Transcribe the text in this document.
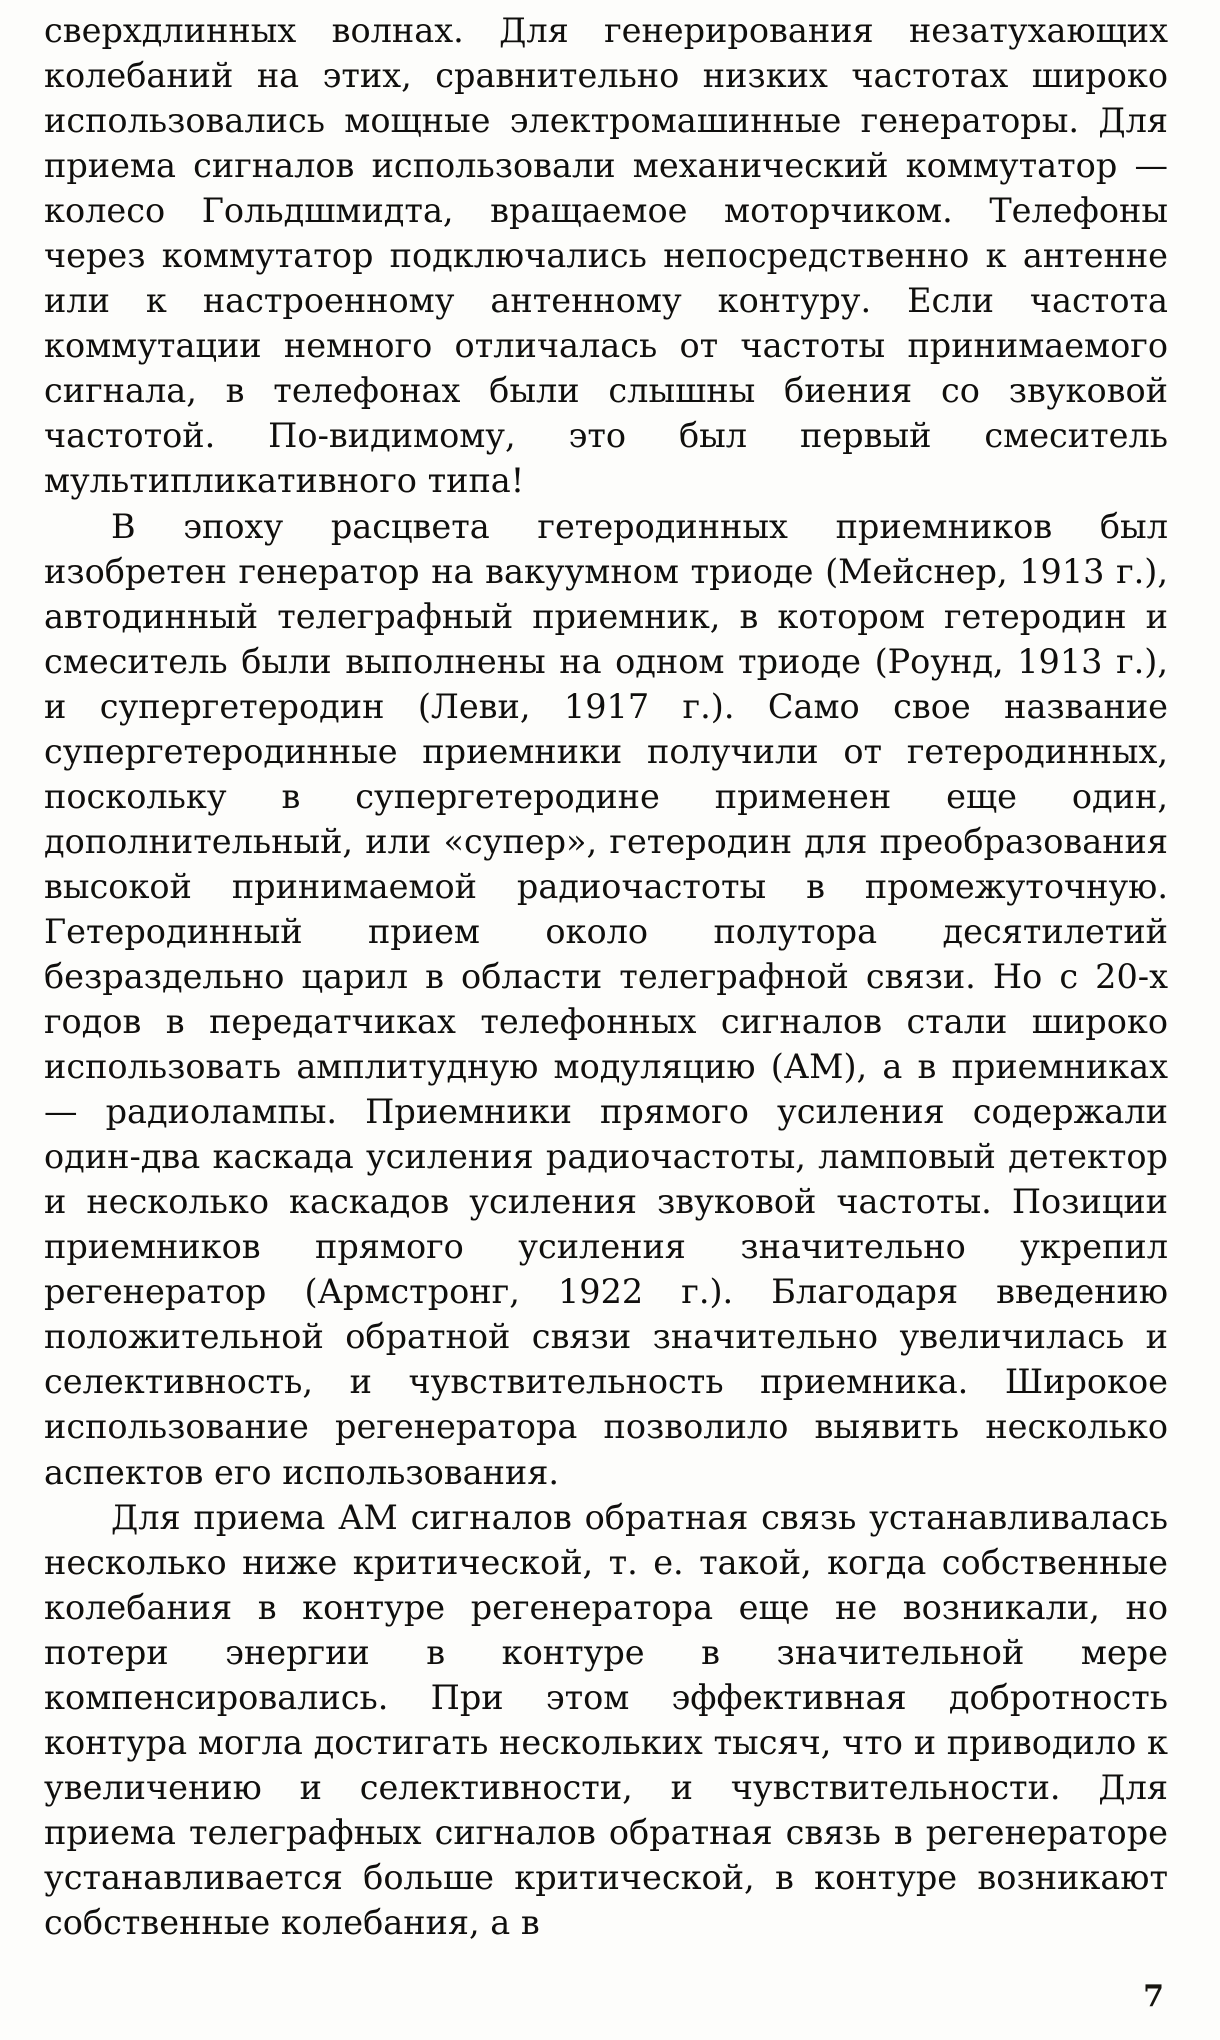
сверхдлинных волнах. Для генерирования незатухающих колебаний на этих, сравнительно низких частотах широко использовались мощные электромашинные генераторы. Для приема сигналов использовали механический коммутатор — колесо Гольдшмидта, вращаемое моторчиком. Телефоны через коммутатор подключались непосредственно к антенне или к настроенному антенному контуру. Если частота коммутации немного отличалась от частоты принимаемого сигнала, в телефонах были слышны биения со звуковой частотой. По-видимому, это был первый смеситель мультипликативного типа!

В эпоху расцвета гетеродинных приемников был изобретен генератор на вакуумном триоде (Мейснер, 1913 г.), автодинный телеграфный приемник, в котором гетеродин и смеситель были выполнены на одном триоде (Роунд, 1913 г.), и супергетеродин (Леви, 1917 г.). Само свое название супергетеродинные приемники получили от гетеродинных, поскольку в супергетеродине применен еще один, дополнительный, или «супер», гетеродин для преобразования высокой принимаемой радиочастоты в промежуточную. Гетеродинный прием около полутора десятилетий безраздельно царил в области телеграфной связи. Но с 20-х годов в передатчиках телефонных сигналов стали широко использовать амплитудную модуляцию (АМ), а в приемниках — радиолампы. Приемники прямого усиления содержали один-два каскада усиления радиочастоты, ламповый детектор и несколько каскадов усиления звуковой частоты. Позиции приемников прямого усиления значительно укрепил регенератор (Армстронг, 1922 г.). Благодаря введению положительной обратной связи значительно увеличилась и селективность, и чувствительность приемника. Широкое использование регенератора позволило выявить несколько аспектов его использования.

Для приема АМ сигналов обратная связь устанавливалась несколько ниже критической, т. е. такой, когда собственные колебания в контуре регенератора еще не возникали, но потери энергии в контуре в значительной мере компенсировались. При этом эффективная добротность контура могла достигать нескольких тысяч, что и приводило к увеличению и селективности, и чувствительности. Для приема телеграфных сигналов обратная связь в регенераторе устанавливается больше критической, в контуре возникают собственные колебания, а в

7
